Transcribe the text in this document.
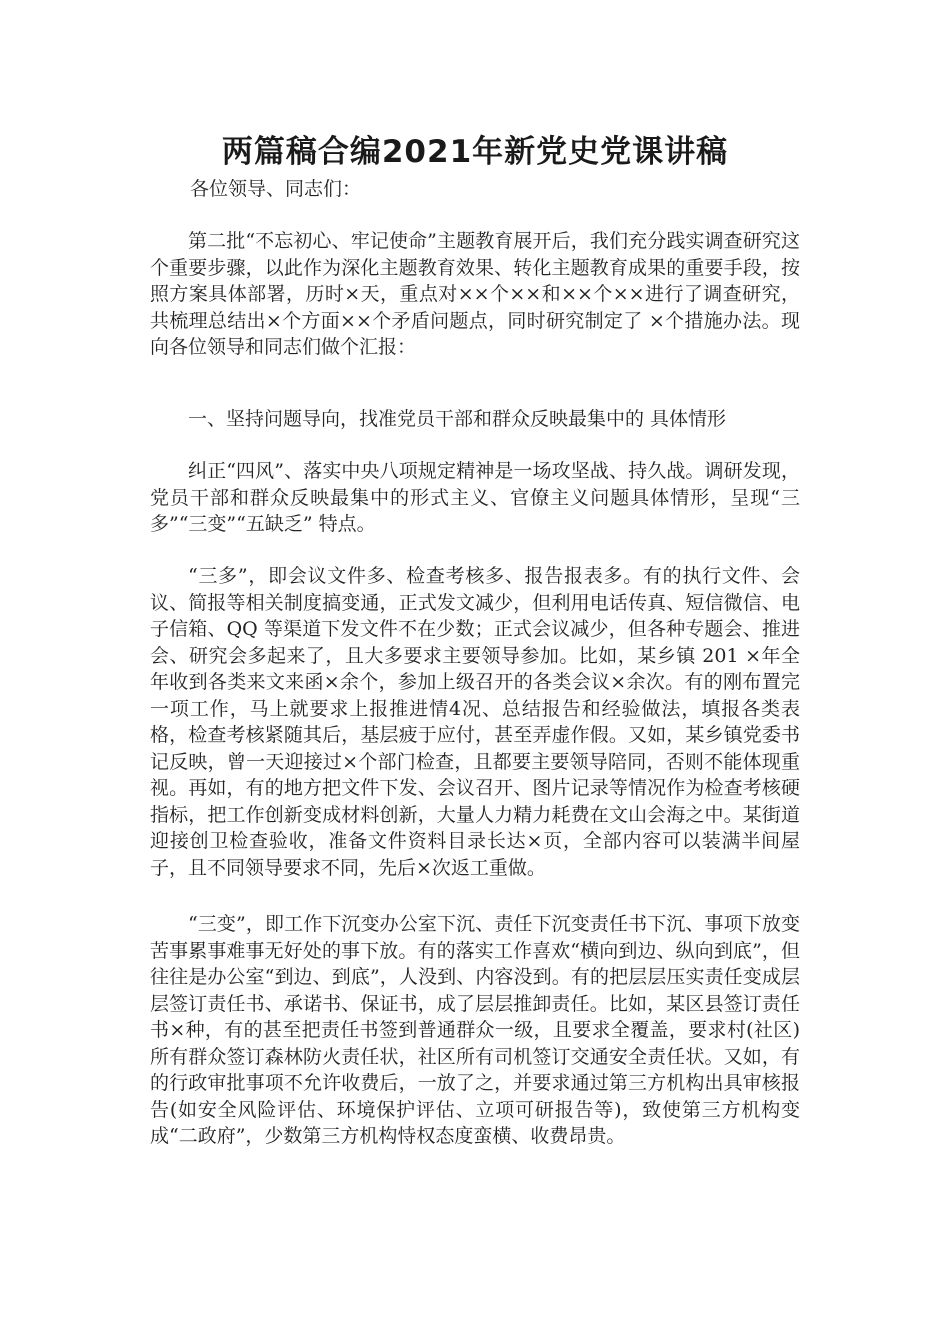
两篇稿合编2021年新党史党课讲稿
各位领导、同志们：

第二批“不忘初心、牢记使命”主题教育展开后，我们充分践实调查研究这个重要步骤，以此作为深化主题教育效果、转化主题教育成果的重要手段，按照方案具体部署，历时×天，重点对××个××和××个××进行了调查研究，共梳理总结出×个方面××个矛盾问题点，同时研究制定了 ×个措施办法。现向各位领导和同志们做个汇报：

一、坚持问题导向，找准党员干部和群众反映最集中的 具体情形

纠正“四风”、落实中央八项规定精神是一场攻坚战、持久战。调研发现，党员干部和群众反映最集中的形式主义、官僚主义问题具体情形，呈现“三多”“三变”“五缺乏” 特点。

“三多”，即会议文件多、检查考核多、报告报表多。有的执行文件、会议、简报等相关制度搞变通，正式发文减少，但利用电话传真、短信微信、电子信箱、QQ 等渠道下发文件不在少数；正式会议减少，但各种专题会、推进会、研究会多起来了，且大多要求主要领导参加。比如，某乡镇 201 ×年全年收到各类来文来函×余个，参加上级召开的各类会议×余次。有的刚布置完一项工作，马上就要求上报推进情4况、总结报告和经验做法，填报各类表格，检查考核紧随其后，基层疲于应付，甚至弄虚作假。又如，某乡镇党委书记反映，曾一天迎接过×个部门检查，且都要主要领导陪同，否则不能体现重视。再如，有的地方把文件下发、会议召开、图片记录等情况作为检查考核硬指标，把工作创新变成材料创新，大量人力精力耗费在文山会海之中。某街道迎接创卫检查验收，准备文件资料目录长达×页，全部内容可以装满半间屋子，且不同领导要求不同，先后×次返工重做。

“三变”，即工作下沉变办公室下沉、责任下沉变责任书下沉、事项下放变苦事累事难事无好处的事下放。有的落实工作喜欢“横向到边、纵向到底”，但往往是办公室“到边、到底”，人没到、内容没到。有的把层层压实责任变成层层签订责任书、承诺书、保证书，成了层层推卸责任。比如，某区县签订责任书×种，有的甚至把责任书签到普通群众一级，且要求全覆盖，要求村(社区)所有群众签订森林防火责任状，社区所有司机签订交通安全责任状。又如，有的行政审批事项不允许收费后，一放了之，并要求通过第三方机构出具审核报告(如安全风险评估、环境保护评估、立项可研报告等)，致使第三方机构变成“二政府”，少数第三方机构恃权态度蛮横、收费昂贵。
